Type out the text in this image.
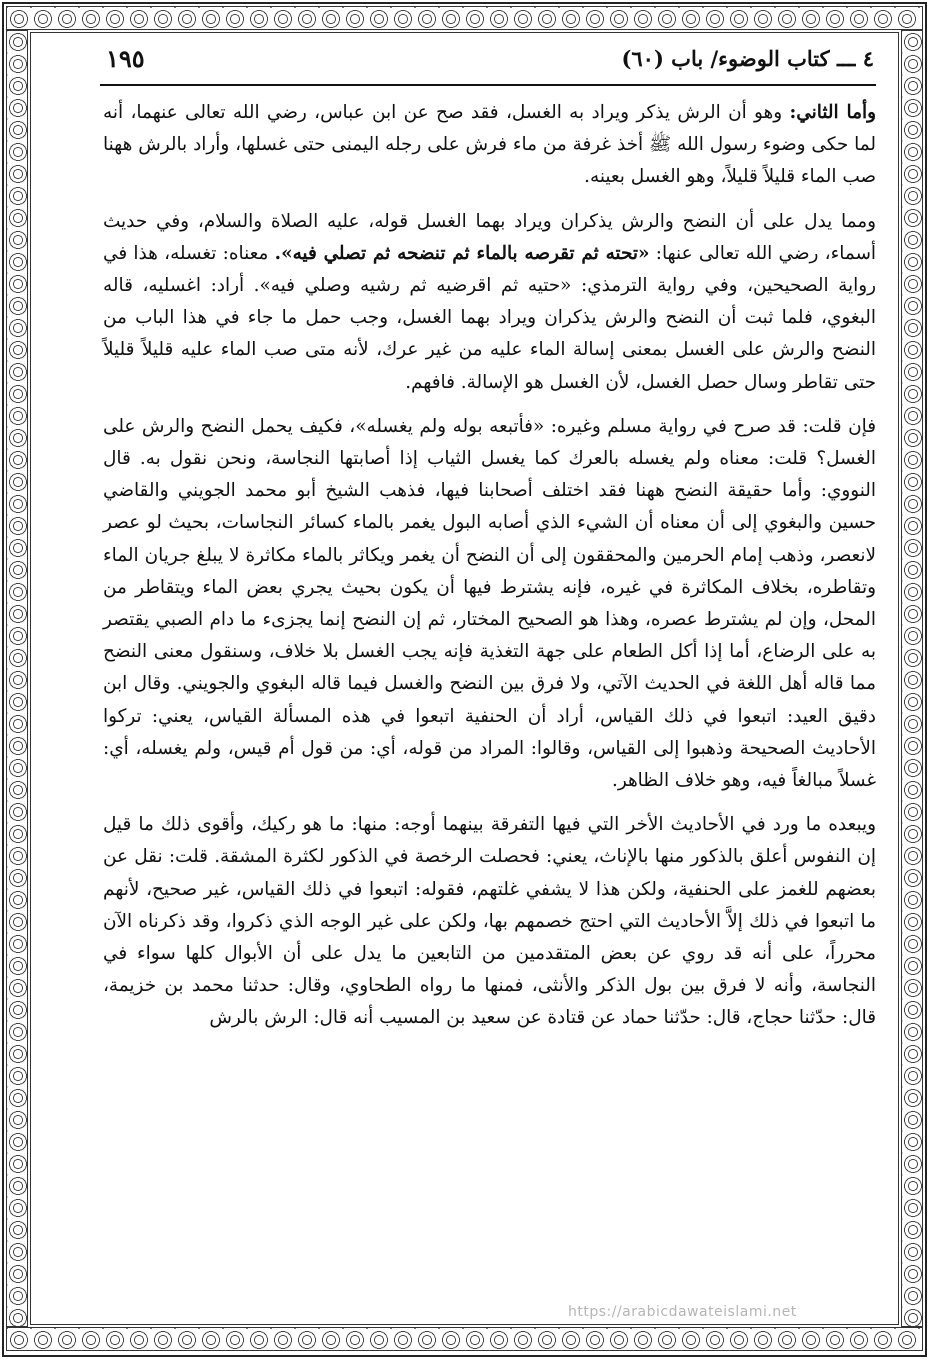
٤ ـــ كتاب الوضوء/ باب (٦٠)
١٩٥

وأما الثاني: وهو أن الرش يذكر ويراد به الغسل، فقد صح عن ابن عباس، رضي الله تعالى عنهما، أنه لما حكى وضوء رسول الله ﷺ أخذ غرفة من ماء فرش على رجله اليمنى حتى غسلها، وأراد بالرش ههنا صب الماء قليلاً قليلاً، وهو الغسل بعينه.

ومما يدل على أن النضح والرش يذكران ويراد بهما الغسل قوله، عليه الصلاة والسلام، وفي حديث أسماء، رضي الله تعالى عنها: «تحته ثم تقرصه بالماء ثم تنضحه ثم تصلي فيه». معناه: تغسله، هذا في رواية الصحيحين، وفي رواية الترمذي: «حتيه ثم اقرضيه ثم رشيه وصلي فيه». أراد: اغسليه، قاله البغوي، فلما ثبت أن النضح والرش يذكران ويراد بهما الغسل، وجب حمل ما جاء في هذا الباب من النضح والرش على الغسل بمعنى إسالة الماء عليه من غير عرك، لأنه متى صب الماء عليه قليلاً قليلاً حتى تقاطر وسال حصل الغسل، لأن الغسل هو الإسالة. فافهم.

فإن قلت: قد صرح في رواية مسلم وغيره: «فأتبعه بوله ولم يغسله»، فكيف يحمل النضح والرش على الغسل؟ قلت: معناه ولم يغسله بالعرك كما يغسل الثياب إذا أصابتها النجاسة، ونحن نقول به. قال النووي: وأما حقيقة النضح ههنا فقد اختلف أصحابنا فيها، فذهب الشيخ أبو محمد الجويني والقاضي حسين والبغوي إلى أن معناه أن الشيء الذي أصابه البول يغمر بالماء كسائر النجاسات، بحيث لو عصر لانعصر، وذهب إمام الحرمين والمحققون إلى أن النضح أن يغمر ويكاثر بالماء مكاثرة لا يبلغ جريان الماء وتقاطره، بخلاف المكاثرة في غيره، فإنه يشترط فيها أن يكون بحيث يجري بعض الماء ويتقاطر من المحل، وإن لم يشترط عصره، وهذا هو الصحيح المختار، ثم إن النضح إنما يجزىء ما دام الصبي يقتصر به على الرضاع، أما إذا أكل الطعام على جهة التغذية فإنه يجب الغسل بلا خلاف، وسنقول معنى النضح مما قاله أهل اللغة في الحديث الآتي، ولا فرق بين النضح والغسل فيما قاله البغوي والجويني. وقال ابن دقيق العيد: اتبعوا في ذلك القياس، أراد أن الحنفية اتبعوا في هذه المسألة القياس، يعني: تركوا الأحاديث الصحيحة وذهبوا إلى القياس، وقالوا: المراد من قوله، أي: من قول أم قيس، ولم يغسله، أي: غسلاً مبالغاً فيه، وهو خلاف الظاهر.

ويبعده ما ورد في الأحاديث الأخر التي فيها التفرقة بينهما أوجه: منها: ما هو ركيك، وأقوى ذلك ما قيل إن النفوس أعلق بالذكور منها بالإناث، يعني: فحصلت الرخصة في الذكور لكثرة المشقة. قلت: نقل عن بعضهم للغمز على الحنفية، ولكن هذا لا يشفي غلتهم، فقوله: اتبعوا في ذلك القياس، غير صحيح، لأنهم ما اتبعوا في ذلك إلاَّ الأحاديث التي احتج خصمهم بها، ولكن على غير الوجه الذي ذكروا، وقد ذكرناه الآن محرراً، على أنه قد روي عن بعض المتقدمين من التابعين ما يدل على أن الأبوال كلها سواء في النجاسة، وأنه لا فرق بين بول الذكر والأنثى، فمنها ما رواه الطحاوي، وقال: حدثنا محمد بن خزيمة، قال: حدّثنا حجاج، قال: حدّثنا حماد عن قتادة عن سعيد بن المسيب أنه قال: الرش بالرش

https://arabicdawateislami.net
